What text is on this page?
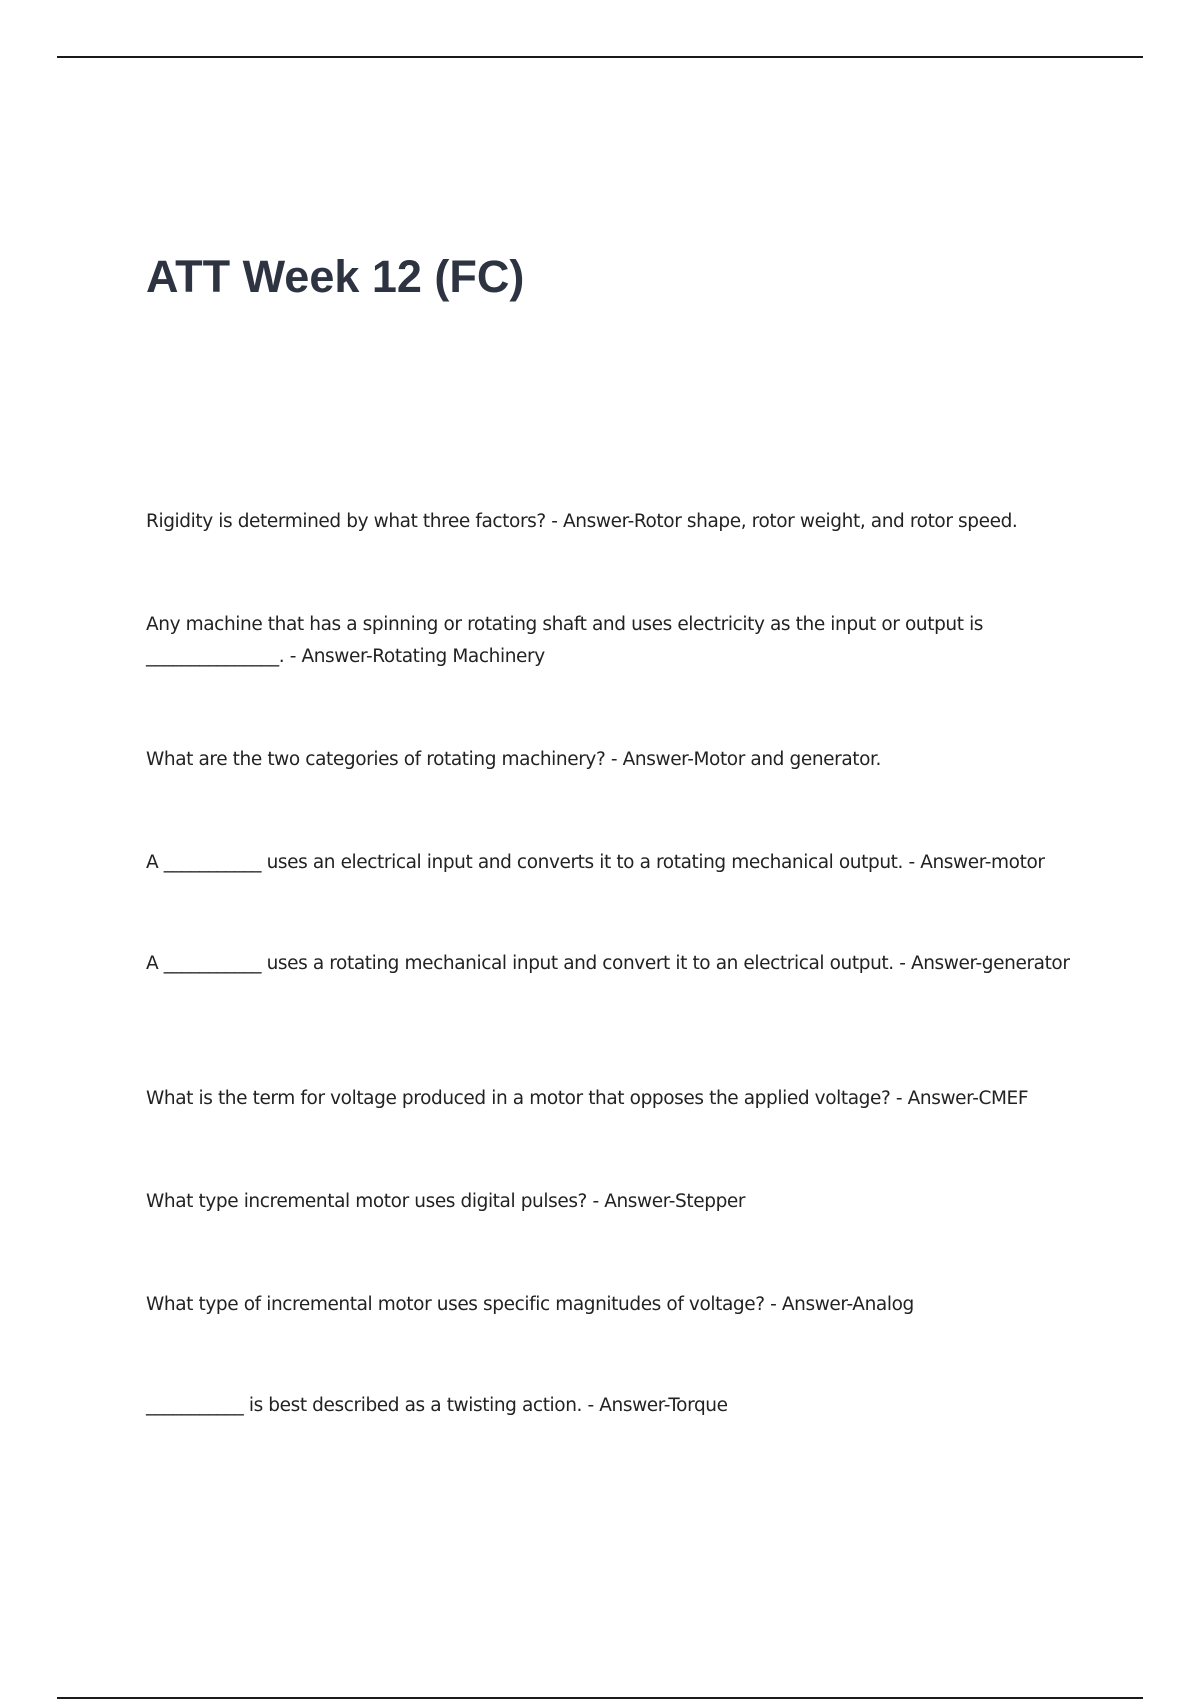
ATT Week 12 (FC)

Rigidity is determined by what three factors? - Answer-Rotor shape, rotor weight, and rotor speed.

Any machine that has a spinning or rotating shaft and uses electricity as the input or output is _______________. - Answer-Rotating Machinery

What are the two categories of rotating machinery? - Answer-Motor and generator.

A ___________ uses an electrical input and converts it to a rotating mechanical output. - Answer-motor

A ___________ uses a rotating mechanical input and convert it to an electrical output. - Answer-generator

What is the term for voltage produced in a motor that opposes the applied voltage? - Answer-CMEF

What type incremental motor uses digital pulses? - Answer-Stepper

What type of incremental motor uses specific magnitudes of voltage? - Answer-Analog

___________ is best described as a twisting action. - Answer-Torque
